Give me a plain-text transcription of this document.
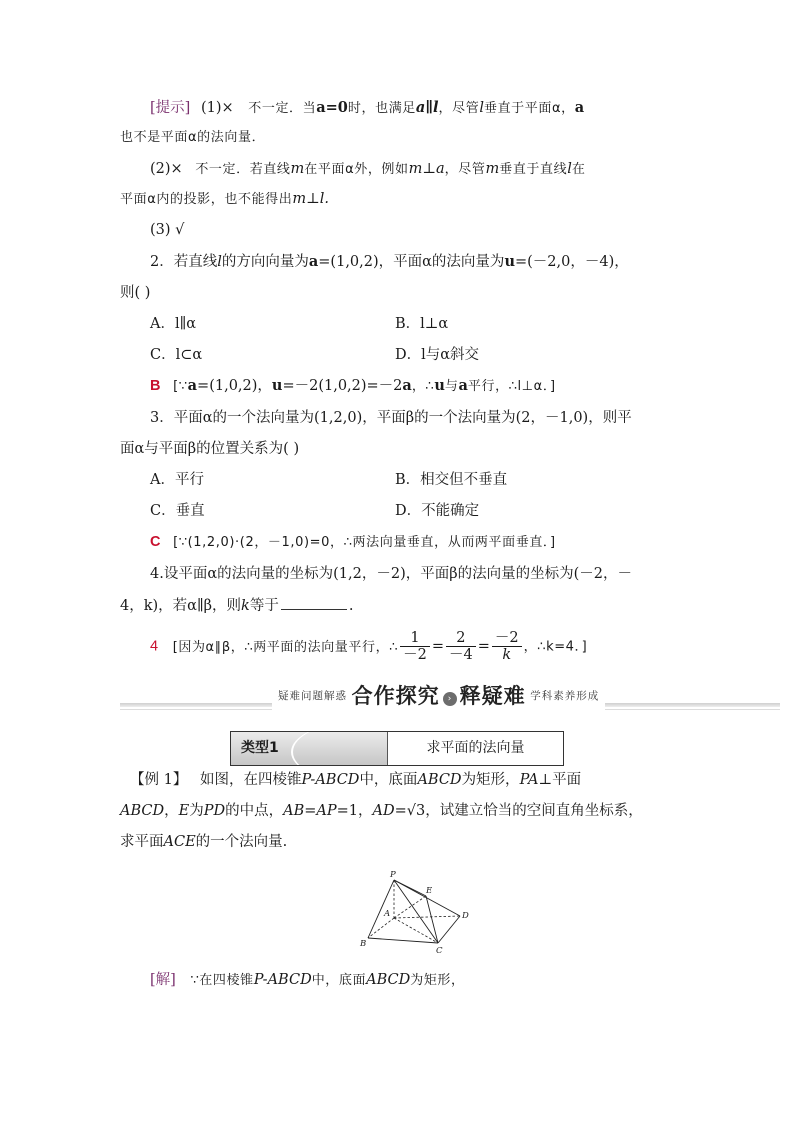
[提示] (1)× 不一定．当a=0时，也满足a∥l，尽管l垂直于平面α，a
也不是平面α的法向量．
(2)× 不一定．若直线m在平面α外，例如m⊥a，尽管m垂直于直线l在
平面α内的投影，也不能得出m⊥l.
(3) √
2．若直线l的方向向量为a=(1,0,2)，平面α的法向量为u=(－2,0，－4)，
则( )
A．l∥α	B．l⊥α
C．l⊂α	D．l与α斜交
B [∵a=(1,0,2)，u=－2(1,0,2)=－2a，∴u与a平行，∴l⊥α．]
3．平面α的一个法向量为(1,2,0)，平面β的一个法向量为(2，－1,0)，则平
面α与平面β的位置关系为( )
A．平行	B．相交但不垂直
C．垂直	D．不能确定
C [∵(1,2,0)·(2，－1,0)=0，∴两法向量垂直，从而两平面垂直．]
4.设平面α的法向量的坐标为(1,2，－2)，平面β的法向量的坐标为(－2，－
4，k)，若α∥β，则k等于	.
4 [因为α∥β，∴两平面的法向量平行，∴ $\frac{1}{-2} = \frac{2}{-4} = \frac{-2}{k}$ ，∴k=4．]
$^{疑难问题解惑}$ 合作探究 › 释疑难 $^{学科素养形成}$
类型1	求平面的法向量
【例 1】 如图，在四棱锥P-ABCD中，底面ABCD为矩形，PA⊥平面
ABCD，E为PD的中点，AB=AP=1，AD=√3，试建立恰当的空间直角坐标系，
求平面ACE的一个法向量.
P
E
A	D
B
C
[解] ∵在四棱锥P-ABCD中，底面ABCD为矩形，
